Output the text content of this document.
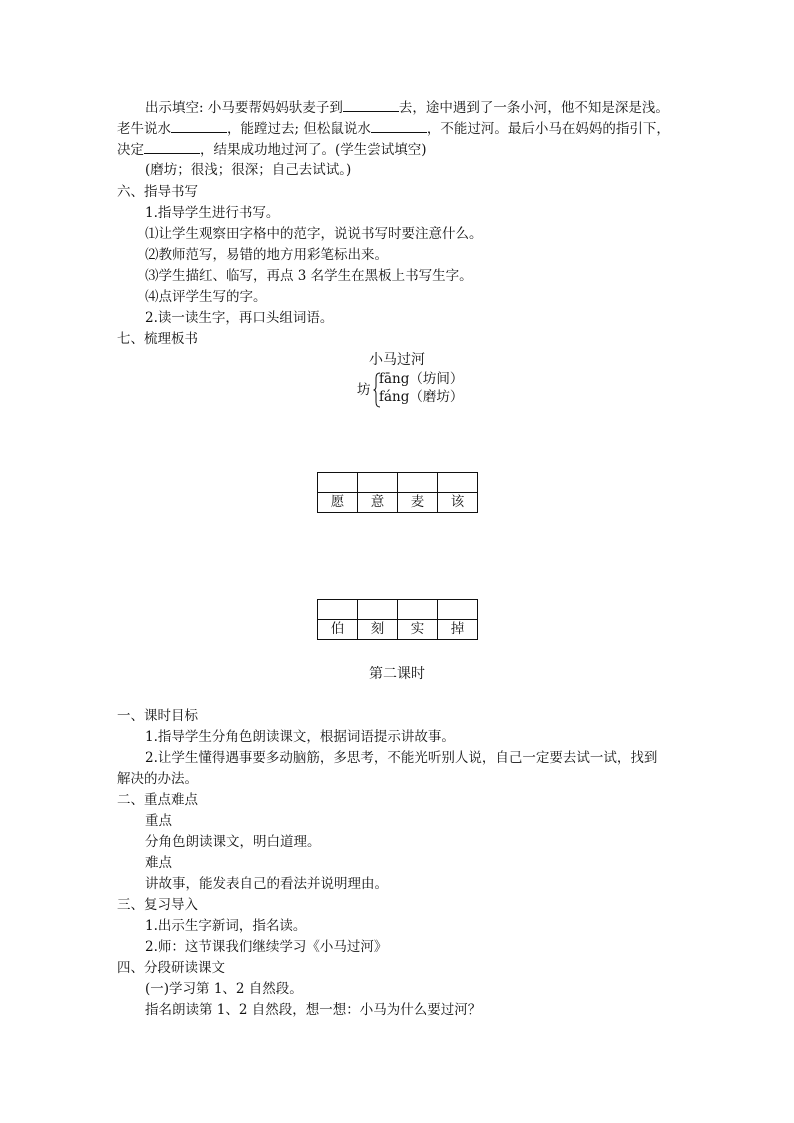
出示填空: 小马要帮妈妈驮麦子到	去，途中遇到了一条小河，他不知是深是浅。
老牛说水	，能蹚过去; 但松鼠说水	，不能过河。最后小马在妈妈的指引下，
决定	，结果成功地过河了。(学生尝试填空)
(磨坊；很浅；很深；自己去试试。)
六、指导书写
1.指导学生进行书写。
⑴让学生观察田字格中的范字，说说书写时要注意什么。
⑵教师范写，易错的地方用彩笔标出来。
⑶学生描红、临写，再点 3 名学生在黑板上书写生字。
⑷点评学生写的字。
2.读一读生字，再口头组词语。
七、梳理板书
小马过河
坊
fāng（坊间）
fáng（磨坊）

愿	意	麦	该

伯	刻	实	掉
第二课时
一、课时目标
1.指导学生分角色朗读课文，根据词语提示讲故事。
2.让学生懂得遇事要多动脑筋，多思考，不能光听别人说，自己一定要去试一试，找到
解决的办法。
二、重点难点
重点
分角色朗读课文，明白道理。
难点
讲故事，能发表自己的看法并说明理由。
三、复习导入
1.出示生字新词，指名读。
2.师：这节课我们继续学习《小马过河》
四、分段研读课文
(一)学习第 1、2 自然段。
指名朗读第 1、2 自然段，想一想：小马为什么要过河？
